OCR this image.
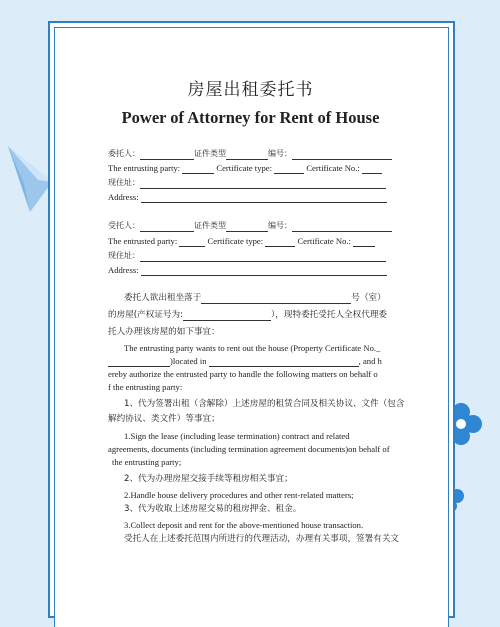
房屋出租委托书
Power of Attorney for Rent of House
委托人：	证件类型	编号：
The entrusting party:	Certificate type:	Certificate No.:
现住址：
Address:
受托人：	证件类型	编号：
The entrusted party:	Certificate type:	Certificate No.:
现住址：
Address:
委托人欲出租坐落于	号（室）
的房屋(产权证号为:	），现特委托受托人全权代理委
托人办理该房屋的如下事宜：
The entrusting party wants to rent out the house (Property Certificate No._
)located in	, and h
ereby authorize the entrusted party to handle the following matters on behalf o
f the entrusting party:
1、代为签署出租（含解除）上述房屋的租赁合同及相关协议、文件（包含
解约协议、类文件）等事宜；
1.Sign the lease (including lease termination) contract and related
agreements, documents (including termination agreement documents)on behalf of
the entrusting party;
2、代为办理房屋交接手续等租房相关事宜；
2.Handle house delivery procedures and other rent-related matters;
3、代为收取上述房屋交易的租房押金、租金。
3.Collect deposit and rent for the above-mentioned house transaction.
受托人在上述委托范围内所进行的代理活动，办理有关事项，签署有关文
